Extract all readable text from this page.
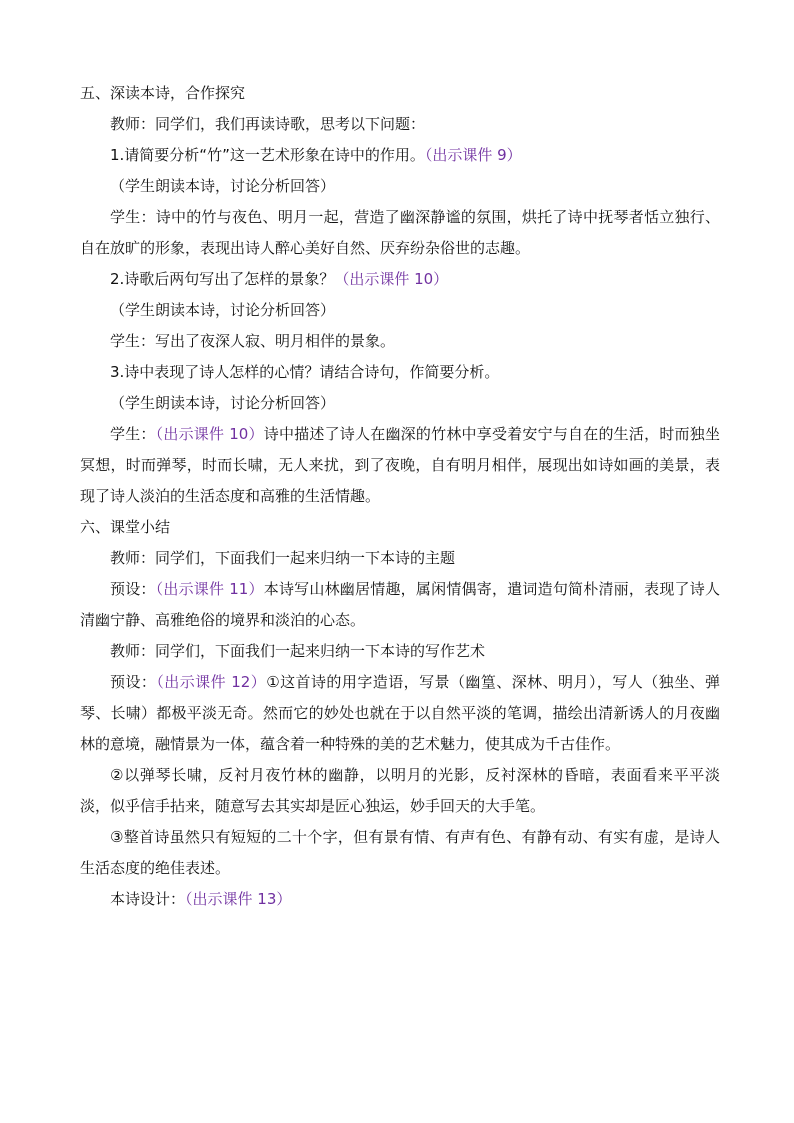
五、深读本诗，合作探究

教师：同学们，我们再读诗歌，思考以下问题：

1.请简要分析“竹”这一艺术形象在诗中的作用。（出示课件 9）

（学生朗读本诗，讨论分析回答）

学生：诗中的竹与夜色、明月一起，营造了幽深静谧的氛围，烘托了诗中抚琴者恬立独行、自在放旷的形象，表现出诗人醉心美好自然、厌弃纷杂俗世的志趣。

2.诗歌后两句写出了怎样的景象？（出示课件 10）

（学生朗读本诗，讨论分析回答）

学生：写出了夜深人寂、明月相伴的景象。

3.诗中表现了诗人怎样的心情？请结合诗句，作简要分析。

（学生朗读本诗，讨论分析回答）

学生：（出示课件 10）诗中描述了诗人在幽深的竹林中享受着安宁与自在的生活，时而独坐冥想，时而弹琴，时而长啸，无人来扰，到了夜晚，自有明月相伴，展现出如诗如画的美景，表现了诗人淡泊的生活态度和高雅的生活情趣。

六、课堂小结

教师：同学们，下面我们一起来归纳一下本诗的主题

预设：（出示课件 11）本诗写山林幽居情趣，属闲情偶寄，遣词造句简朴清丽，表现了诗人清幽宁静、高雅绝俗的境界和淡泊的心态。

教师：同学们，下面我们一起来归纳一下本诗的写作艺术

预设：（出示课件 12）①这首诗的用字造语，写景（幽篁、深林、明月），写人（独坐、弹琴、长啸）都极平淡无奇。然而它的妙处也就在于以自然平淡的笔调，描绘出清新诱人的月夜幽林的意境，融情景为一体，蕴含着一种特殊的美的艺术魅力，使其成为千古佳作。

②以弹琴长啸，反衬月夜竹林的幽静，以明月的光影，反衬深林的昏暗，表面看来平平淡淡，似乎信手拈来，随意写去其实却是匠心独运，妙手回天的大手笔。

③整首诗虽然只有短短的二十个字，但有景有情、有声有色、有静有动、有实有虚，是诗人生活态度的绝佳表述。

本诗设计：（出示课件 13）
